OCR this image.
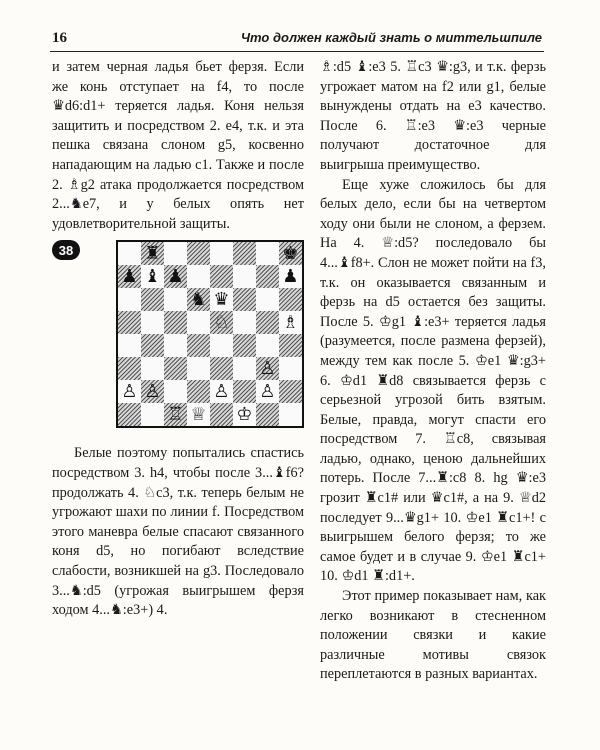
16	Что должен каждый знать о миттельшпиле

и затем черная ладья бьет ферзя. Если же конь отступает на f4, то после ♛d6:d1+ теряется ладья. Коня нельзя защитить и посредством 2. e4, т.к. и эта пешка связана слоном g5, косвенно нападающим на ладью c1. Также и после 2. ♗g2 атака продолжается посредством 2...♞e7, и у белых опять нет удовлетворительной защиты.

38	♜	♚
♟ ♝ ♟	♟
♞ ♛
♘	♗
♙
♙ ♙	♙ ♙
♖ ♕ ♔

Белые поэтому попытались спастись посредством 3. h4, чтобы после 3...♝f6? продолжать 4. ♘c3, т.к. теперь белым не угрожают шахи по линии f. Посредством этого маневра белые спасают связанного коня d5, но погибают вследствие слабости, возникшей на g3. Последовало 3...♞:d5 (угрожая выигрышем ферзя ходом 4...♞:e3+) 4.

♗:d5 ♝:e3 5. ♖c3 ♛:g3, и т.к. ферзь угрожает матом на f2 или g1, белые вынуждены отдать на e3 качество. После 6. ♖:e3 ♛:e3 черные получают достаточное для выигрыша преимущество.

Еще хуже сложилось бы для белых дело, если бы на четвертом ходу они были не слоном, а ферзем. На 4. ♕:d5? последовало бы 4...♝f8+. Слон не может пойти на f3, т.к. он оказывается связанным и ферзь на d5 остается без защиты. После 5. ♔g1 ♝:e3+ теряется ладья (разумеется, после размена ферзей), между тем как после 5. ♔e1 ♛:g3+ 6. ♔d1 ♜d8 связывается ферзь с серьезной угрозой бить взятым. Белые, правда, могут спасти его посредством 7. ♖c8, связывая ладью, однако, ценою дальнейших потерь. После 7...♜:c8 8. hg ♛:e3 грозит ♜c1# или ♛c1#, а на 9. ♕d2 последует 9...♛g1+ 10. ♔e1 ♜c1+! с выигрышем белого ферзя; то же самое будет и в случае 9. ♔e1 ♜c1+ 10. ♔d1 ♜:d1+.

Этот пример показывает нам, как легко возникают в стесненном положении связки и какие различные мотивы связок переплетаются в разных вариантах.
